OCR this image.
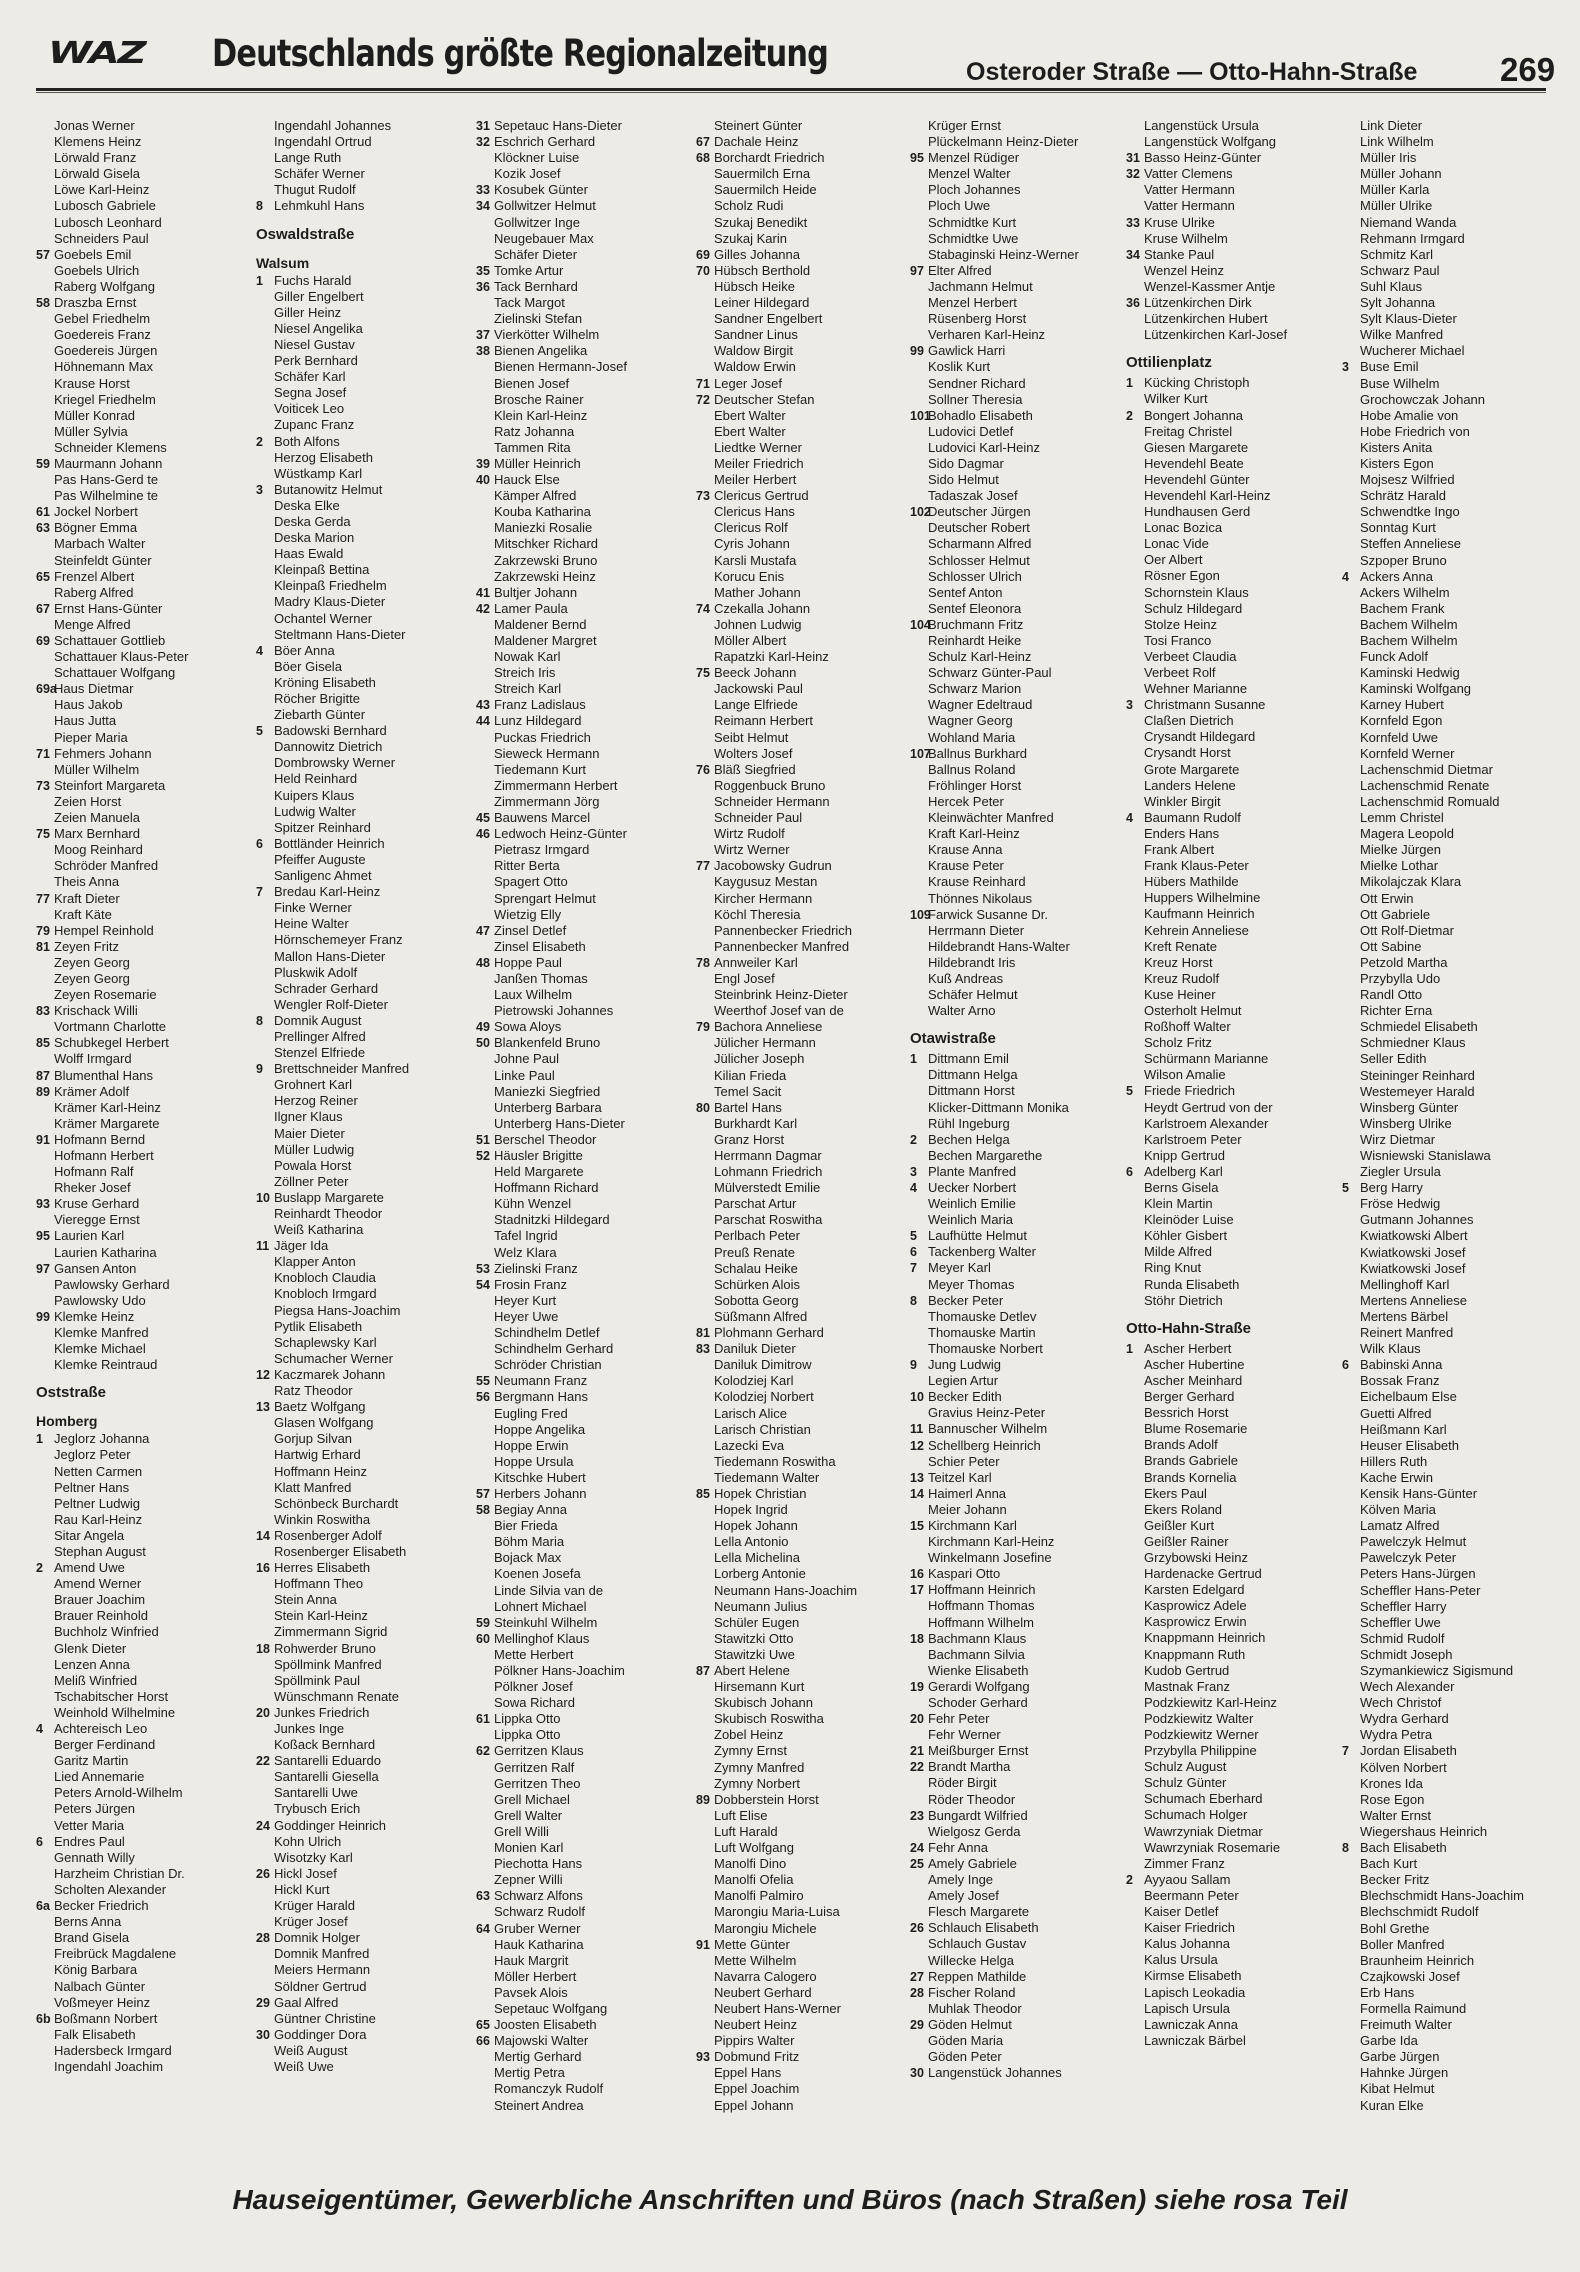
WAZ Deutschlands größte Regionalzeitung	Osteroder Straße — Otto-Hahn-Straße	269
Jonas Werner
Klemens Heinz
Lörwald Franz
Lörwald Gisela
Löwe Karl-Heinz
Lubosch Gabriele
Lubosch Leonhard
Schneiders Paul
57 Goebels Emil
Goebels Ulrich
Raberg Wolfgang
58 Draszba Ernst
Gebel Friedhelm
Goedereis Franz
Goedereis Jürgen
Höhnemann Max
Krause Horst
Kriegel Friedhelm
Müller Konrad
Müller Sylvia
Schneider Klemens
59 Maurmann Johann
Pas Hans-Gerd te
Pas Wilhelmine te
61 Jockel Norbert
63 Bögner Emma
Marbach Walter
Steinfeldt Günter
65 Frenzel Albert
Raberg Alfred
67 Ernst Hans-Günter
Menge Alfred
69 Schattauer Gottlieb
Schattauer Klaus-Peter
Schattauer Wolfgang
69a
Haus Dietmar
Haus Jakob
Haus Jutta
Pieper Maria
71 Fehmers Johann
Müller Wilhelm
73 Steinfort Margareta
Zeien Horst
Zeien Manuela
75 Marx Bernhard
Moog Reinhard
Schröder Manfred
Theis Anna
77 Kraft Dieter
Kraft Käte
79 Hempel Reinhold
81 Zeyen Fritz
Zeyen Georg
Zeyen Georg
Zeyen Rosemarie
83 Krischack Willi
Vortmann Charlotte
85 Schubkegel Herbert
Wolff Irmgard
87 Blumenthal Hans
89 Krämer Adolf
Krämer Karl-Heinz
Krämer Margarete
91 Hofmann Bernd
Hofmann Herbert
Hofmann Ralf
Rheker Josef
93 Kruse Gerhard
Vieregge Ernst
95 Laurien Karl
Laurien Katharina
97 Gansen Anton
Pawlowsky Gerhard
Pawlowsky Udo
99 Klemke Heinz
Klemke Manfred
Klemke Michael
Klemke Reintraud
Oststraße
Homberg
1 Jeglorz Johanna
Jeglorz Peter
Netten Carmen
Peltner Hans
Peltner Ludwig
Rau Karl-Heinz
Sitar Angela
Stephan August
2 Amend Uwe
Amend Werner
Brauer Joachim
Brauer Reinhold
Buchholz Winfried
Glenk Dieter
Lenzen Anna
Meliß Winfried
Tschabitscher Horst
Weinhold Wilhelmine
4 Achtereisch Leo
Berger Ferdinand
Garitz Martin
Lied Annemarie
Peters Arnold-Wilhelm
Peters Jürgen
Vetter Maria
6 Endres Paul
Gennath Willy
Harzheim Christian Dr.
Scholten Alexander
6a Becker Friedrich
Berns Anna
Brand Gisela
Freibrück Magdalene
König Barbara
Nalbach Günter
Voßmeyer Heinz
6b Boßmann Norbert
Falk Elisabeth
Hadersbeck Irmgard
Ingendahl Joachim
Ingendahl Johannes
Ingendahl Ortrud
Lange Ruth
Schäfer Werner
Thugut Rudolf
8 Lehmkuhl Hans
Oswaldstraße
Walsum
1 Fuchs Harald
Giller Engelbert
Giller Heinz
Niesel Angelika
Niesel Gustav
Perk Bernhard
Schäfer Karl
Segna Josef
Voiticek Leo
Zupanc Franz
2 Both Alfons
Herzog Elisabeth
Wüstkamp Karl
3 Butanowitz Helmut
Deska Elke
Deska Gerda
Deska Marion
Haas Ewald
Kleinpaß Bettina
Kleinpaß Friedhelm
Madry Klaus-Dieter
Ochantel Werner
Steltmann Hans-Dieter
4 Böer Anna
Böer Gisela
Kröning Elisabeth
Röcher Brigitte
Ziebarth Günter
5 Badowski Bernhard
Dannowitz Dietrich
Dombrowsky Werner
Held Reinhard
Kuipers Klaus
Ludwig Walter
Spitzer Reinhard
6 Bottländer Heinrich
Pfeiffer Auguste
Sanligenc Ahmet
7 Bredau Karl-Heinz
Finke Werner
Heine Walter
Hörnschemeyer Franz
Mallon Hans-Dieter
Pluskwik Adolf
Schrader Gerhard
Wengler Rolf-Dieter
8 Domnik August
Prellinger Alfred
Stenzel Elfriede
9 Brettschneider Manfred
Grohnert Karl
Herzog Reiner
Ilgner Klaus
Maier Dieter
Müller Ludwig
Powala Horst
Zöllner Peter
10 Buslapp Margarete
Reinhardt Theodor
Weiß Katharina
11 Jäger Ida
Klapper Anton
Knobloch Claudia
Knobloch Irmgard
Piegsa Hans-Joachim
Pytlik Elisabeth
Schaplewsky Karl
Schumacher Werner
12 Kaczmarek Johann
Ratz Theodor
13 Baetz Wolfgang
Glasen Wolfgang
Gorjup Silvan
Hartwig Erhard
Hoffmann Heinz
Klatt Manfred
Schönbeck Burchardt
Winkin Roswitha
14 Rosenberger Adolf
Rosenberger Elisabeth
16 Herres Elisabeth
Hoffmann Theo
Stein Anna
Stein Karl-Heinz
Zimmermann Sigrid
18 Rohwerder Bruno
Spöllmink Manfred
Spöllmink Paul
Wünschmann Renate
20 Junkes Friedrich
Junkes Inge
Koßack Bernhard
22 Santarelli Eduardo
Santarelli Giesella
Santarelli Uwe
Trybusch Erich
24 Goddinger Heinrich
Kohn Ulrich
Wisotzky Karl
26 Hickl Josef
Hickl Kurt
Krüger Harald
Krüger Josef
28 Domnik Holger
Domnik Manfred
Meiers Hermann
Söldner Gertrud
29 Gaal Alfred
Güntner Christine
30 Goddinger Dora
Weiß August
Weiß Uwe
31 Sepetauc Hans-Dieter
32 Eschrich Gerhard
Klöckner Luise
Kozik Josef
33 Kosubek Günter
34 Gollwitzer Helmut
Gollwitzer Inge
Neugebauer Max
Schäfer Dieter
35 Tomke Artur
36 Tack Bernhard
Tack Margot
Zielinski Stefan
37 Vierkötter Wilhelm
38 Bienen Angelika
Bienen Hermann-Josef
Bienen Josef
Brosche Rainer
Klein Karl-Heinz
Ratz Johanna
Tammen Rita
39 Müller Heinrich
40 Hauck Else
Kämper Alfred
Kouba Katharina
Maniezki Rosalie
Mitschker Richard
Zakrzewski Bruno
Zakrzewski Heinz
41 Bultjer Johann
42 Lamer Paula
Maldener Bernd
Maldener Margret
Nowak Karl
Streich Iris
Streich Karl
43 Franz Ladislaus
44 Lunz Hildegard
Puckas Friedrich
Sieweck Hermann
Tiedemann Kurt
Zimmermann Herbert
Zimmermann Jörg
45 Bauwens Marcel
46 Ledwoch Heinz-Günter
Pietrasz Irmgard
Ritter Berta
Spagert Otto
Sprengart Helmut
Wietzig Elly
47 Zinsel Detlef
Zinsel Elisabeth
48 Hoppe Paul
Janßen Thomas
Laux Wilhelm
Pietrowski Johannes
49 Sowa Aloys
50 Blankenfeld Bruno
Johne Paul
Linke Paul
Maniezki Siegfried
Unterberg Barbara
Unterberg Hans-Dieter
51 Berschel Theodor
52 Häusler Brigitte
Held Margarete
Hoffmann Richard
Kühn Wenzel
Stadnitzki Hildegard
Tafel Ingrid
Welz Klara
53 Zielinski Franz
54 Frosin Franz
Heyer Kurt
Heyer Uwe
Schindhelm Detlef
Schindhelm Gerhard
Schröder Christian
55 Neumann Franz
56 Bergmann Hans
Eugling Fred
Hoppe Angelika
Hoppe Erwin
Hoppe Ursula
Kitschke Hubert
57 Herbers Johann
58 Begiay Anna
Bier Frieda
Böhm Maria
Bojack Max
Koenen Josefa
Linde Silvia van de
Lohnert Michael
59 Steinkuhl Wilhelm
60 Mellinghof Klaus
Mette Herbert
Pölkner Hans-Joachim
Pölkner Josef
Sowa Richard
61 Lippka Otto
Lippka Otto
62 Gerritzen Klaus
Gerritzen Ralf
Gerritzen Theo
Grell Michael
Grell Walter
Grell Willi
Monien Karl
Piechotta Hans
Zepner Willi
63 Schwarz Alfons
Schwarz Rudolf
64 Gruber Werner
Hauk Katharina
Hauk Margrit
Möller Herbert
Pavsek Alois
Sepetauc Wolfgang
65 Joosten Elisabeth
66 Majowski Walter
Mertig Gerhard
Mertig Petra
Romanczyk Rudolf
Steinert Andrea
Steinert Günter
67 Dachale Heinz
68 Borchardt Friedrich
Sauermilch Erna
Sauermilch Heide
Scholz Rudi
Szukaj Benedikt
Szukaj Karin
69 Gilles Johanna
70 Hübsch Berthold
Hübsch Heike
Leiner Hildegard
Sandner Engelbert
Sandner Linus
Waldow Birgit
Waldow Erwin
71 Leger Josef
72 Deutscher Stefan
Ebert Walter
Ebert Walter
Liedtke Werner
Meiler Friedrich
Meiler Herbert
73 Clericus Gertrud
Clericus Hans
Clericus Rolf
Cyris Johann
Karsli Mustafa
Korucu Enis
Mather Johann
74 Czekalla Johann
Johnen Ludwig
Möller Albert
Rapatzki Karl-Heinz
75 Beeck Johann
Jackowski Paul
Lange Elfriede
Reimann Herbert
Seibt Helmut
Wolters Josef
76 Bläß Siegfried
Roggenbuck Bruno
Schneider Hermann
Schneider Paul
Wirtz Rudolf
Wirtz Werner
77 Jacobowsky Gudrun
Kaygusuz Mestan
Kircher Hermann
Köchl Theresia
Pannenbecker Friedrich
Pannenbecker Manfred
78 Annweiler Karl
Engl Josef
Steinbrink Heinz-Dieter
Weerthof Josef van de
79 Bachora Anneliese
Jülicher Hermann
Jülicher Joseph
Kilian Frieda
Temel Sacit
80 Bartel Hans
Burkhardt Karl
Granz Horst
Herrmann Dagmar
Lohmann Friedrich
Mülverstedt Emilie
Parschat Artur
Parschat Roswitha
Perlbach Peter
Preuß Renate
Schalau Heike
Schürken Alois
Sobotta Georg
Süßmann Alfred
81 Plohmann Gerhard
83 Daniluk Dieter
Daniluk Dimitrow
Kolodziej Karl
Kolodziej Norbert
Larisch Alice
Larisch Christian
Lazecki Eva
Tiedemann Roswitha
Tiedemann Walter
85 Hopek Christian
Hopek Ingrid
Hopek Johann
Lella Antonio
Lella Michelina
Lorberg Antonie
Neumann Hans-Joachim
Neumann Julius
Schüler Eugen
Stawitzki Otto
Stawitzki Uwe
87 Abert Helene
Hirsemann Kurt
Skubisch Johann
Skubisch Roswitha
Zobel Heinz
Zymny Ernst
Zymny Manfred
Zymny Norbert
89 Dobberstein Horst
Luft Elise
Luft Harald
Luft Wolfgang
Manolfi Dino
Manolfi Ofelia
Manolfi Palmiro
Marongiu Maria-Luisa
Marongiu Michele
91 Mette Günter
Mette Wilhelm
Navarra Calogero
Neubert Gerhard
Neubert Hans-Werner
Neubert Heinz
Pippirs Walter
93 Dobmund Fritz
Eppel Hans
Eppel Joachim
Eppel Johann
Krüger Ernst
Plückelmann Heinz-Dieter
95 Menzel Rüdiger
Menzel Walter
Ploch Johannes
Ploch Uwe
Schmidtke Kurt
Schmidtke Uwe
Stabaginski Heinz-Werner
97 Elter Alfred
Jachmann Helmut
Menzel Herbert
Rüsenberg Horst
Verharen Karl-Heinz
99 Gawlick Harri
Koslik Kurt
Sendner Richard
Sollner Theresia
101
Bohadlo Elisabeth
Ludovici Detlef
Ludovici Karl-Heinz
Sido Dagmar
Sido Helmut
Tadaszak Josef
102
Deutscher Jürgen
Deutscher Robert
Scharmann Alfred
Schlosser Helmut
Schlosser Ulrich
Sentef Anton
Sentef Eleonora
104
Bruchmann Fritz
Reinhardt Heike
Schulz Karl-Heinz
Schwarz Günter-Paul
Schwarz Marion
Wagner Edeltraud
Wagner Georg
Wohland Maria
107
Ballnus Burkhard
Ballnus Roland
Fröhlinger Horst
Hercek Peter
Kleinwächter Manfred
Kraft Karl-Heinz
Krause Anna
Krause Peter
Krause Reinhard
Thönnes Nikolaus
109
Farwick Susanne Dr.
Herrmann Dieter
Hildebrandt Hans-Walter
Hildebrandt Iris
Kuß Andreas
Schäfer Helmut
Walter Arno
Otawistraße
1 Dittmann Emil
Dittmann Helga
Dittmann Horst
Klicker-Dittmann Monika
Rühl Ingeburg
2 Bechen Helga
Bechen Margarethe
3 Plante Manfred
4 Uecker Norbert
Weinlich Emilie
Weinlich Maria
5 Laufhütte Helmut
6 Tackenberg Walter
7 Meyer Karl
Meyer Thomas
8 Becker Peter
Thomauske Detlev
Thomauske Martin
Thomauske Norbert
9 Jung Ludwig
Legien Artur
10 Becker Edith
Gravius Heinz-Peter
11 Bannuscher Wilhelm
12 Schellberg Heinrich
Schier Peter
13 Teitzel Karl
14 Haimerl Anna
Meier Johann
15 Kirchmann Karl
Kirchmann Karl-Heinz
Winkelmann Josefine
16 Kaspari Otto
17 Hoffmann Heinrich
Hoffmann Thomas
Hoffmann Wilhelm
18 Bachmann Klaus
Bachmann Silvia
Wienke Elisabeth
19 Gerardi Wolfgang
Schoder Gerhard
20 Fehr Peter
Fehr Werner
21 Meißburger Ernst
22 Brandt Martha
Röder Birgit
Röder Theodor
23 Bungardt Wilfried
Wielgosz Gerda
24 Fehr Anna
25 Amely Gabriele
Amely Inge
Amely Josef
Flesch Margarete
26 Schlauch Elisabeth
Schlauch Gustav
Willecke Helga
27 Reppen Mathilde
28 Fischer Roland
Muhlak Theodor
29 Göden Helmut
Göden Maria
Göden Peter
30 Langenstück Johannes
Langenstück Ursula
Langenstück Wolfgang
31 Basso Heinz-Günter
32 Vatter Clemens
Vatter Hermann
Vatter Hermann
33 Kruse Ulrike
Kruse Wilhelm
34 Stanke Paul
Wenzel Heinz
Wenzel-Kassmer Antje
36 Lützenkirchen Dirk
Lützenkirchen Hubert
Lützenkirchen Karl-Josef
Ottilienplatz
1 Kücking Christoph
Wilker Kurt
2 Bongert Johanna
Freitag Christel
Giesen Margarete
Hevendehl Beate
Hevendehl Günter
Hevendehl Karl-Heinz
Hundhausen Gerd
Lonac Bozica
Lonac Vide
Oer Albert
Rösner Egon
Schornstein Klaus
Schulz Hildegard
Stolze Heinz
Tosi Franco
Verbeet Claudia
Verbeet Rolf
Wehner Marianne
3 Christmann Susanne
Claßen Dietrich
Crysandt Hildegard
Crysandt Horst
Grote Margarete
Landers Helene
Winkler Birgit
4 Baumann Rudolf
Enders Hans
Frank Albert
Frank Klaus-Peter
Hübers Mathilde
Huppers Wilhelmine
Kaufmann Heinrich
Kehrein Anneliese
Kreft Renate
Kreuz Horst
Kreuz Rudolf
Kuse Heiner
Osterholt Helmut
Roßhoff Walter
Scholz Fritz
Schürmann Marianne
Wilson Amalie
5 Friede Friedrich
Heydt Gertrud von der
Karlstroem Alexander
Karlstroem Peter
Knipp Gertrud
6 Adelberg Karl
Berns Gisela
Klein Martin
Kleinöder Luise
Köhler Gisbert
Milde Alfred
Ring Knut
Runda Elisabeth
Stöhr Dietrich
Otto-Hahn-Straße
1 Ascher Herbert
Ascher Hubertine
Ascher Meinhard
Berger Gerhard
Bessrich Horst
Blume Rosemarie
Brands Adolf
Brands Gabriele
Brands Kornelia
Ekers Paul
Ekers Roland
Geißler Kurt
Geißler Rainer
Grzybowski Heinz
Hardenacke Gertrud
Karsten Edelgard
Kasprowicz Adele
Kasprowicz Erwin
Knappmann Heinrich
Knappmann Ruth
Kudob Gertrud
Mastnak Franz
Podzkiewitz Karl-Heinz
Podzkiewitz Walter
Podzkiewitz Werner
Przybylla Philippine
Schulz August
Schulz Günter
Schumach Eberhard
Schumach Holger
Wawrzyniak Dietmar
Wawrzyniak Rosemarie
Zimmer Franz
2 Ayyaou Sallam
Beermann Peter
Kaiser Detlef
Kaiser Friedrich
Kalus Johanna
Kalus Ursula
Kirmse Elisabeth
Lapisch Leokadia
Lapisch Ursula
Lawniczak Anna
Lawniczak Bärbel
Link Dieter
Link Wilhelm
Müller Iris
Müller Johann
Müller Karla
Müller Ulrike
Niemand Wanda
Rehmann Irmgard
Schmitz Karl
Schwarz Paul
Suhl Klaus
Sylt Johanna
Sylt Klaus-Dieter
Wilke Manfred
Wucherer Michael
3 Buse Emil
Buse Wilhelm
Grochowczak Johann
Hobe Amalie von
Hobe Friedrich von
Kisters Anita
Kisters Egon
Mojsesz Wilfried
Schrätz Harald
Schwendtke Ingo
Sonntag Kurt
Steffen Anneliese
Szpoper Bruno
4 Ackers Anna
Ackers Wilhelm
Bachem Frank
Bachem Wilhelm
Bachem Wilhelm
Funck Adolf
Kaminski Hedwig
Kaminski Wolfgang
Karney Hubert
Kornfeld Egon
Kornfeld Uwe
Kornfeld Werner
Lachenschmid Dietmar
Lachenschmid Renate
Lachenschmid Romuald
Lemm Christel
Magera Leopold
Mielke Jürgen
Mielke Lothar
Mikolajczak Klara
Ott Erwin
Ott Gabriele
Ott Rolf-Dietmar
Ott Sabine
Petzold Martha
Przybylla Udo
Randl Otto
Richter Erna
Schmiedel Elisabeth
Schmiedner Klaus
Seller Edith
Steininger Reinhard
Westemeyer Harald
Winsberg Günter
Winsberg Ulrike
Wirz Dietmar
Wisniewski Stanislawa
Ziegler Ursula
5 Berg Harry
Fröse Hedwig
Gutmann Johannes
Kwiatkowski Albert
Kwiatkowski Josef
Kwiatkowski Josef
Mellinghoff Karl
Mertens Anneliese
Mertens Bärbel
Reinert Manfred
Wilk Klaus
6 Babinski Anna
Bossak Franz
Eichelbaum Else
Guetti Alfred
Heißmann Karl
Heuser Elisabeth
Hillers Ruth
Kache Erwin
Kensik Hans-Günter
Kölven Maria
Lamatz Alfred
Pawelczyk Helmut
Pawelczyk Peter
Peters Hans-Jürgen
Scheffler Hans-Peter
Scheffler Harry
Scheffler Uwe
Schmid Rudolf
Schmidt Joseph
Szymankiewicz Sigismund
Wech Alexander
Wech Christof
Wydra Gerhard
Wydra Petra
7 Jordan Elisabeth
Kölven Norbert
Krones Ida
Rose Egon
Walter Ernst
Wiegershaus Heinrich
8 Bach Elisabeth
Bach Kurt
Becker Fritz
Blechschmidt Hans-Joachim
Blechschmidt Rudolf
Bohl Grethe
Boller Manfred
Braunheim Heinrich
Czajkowski Josef
Erb Hans
Formella Raimund
Freimuth Walter
Garbe Ida
Garbe Jürgen
Hahnke Jürgen
Kibat Helmut
Kuran Elke
Hauseigentümer, Gewerbliche Anschriften und Büros (nach Straßen) siehe rosa Teil
